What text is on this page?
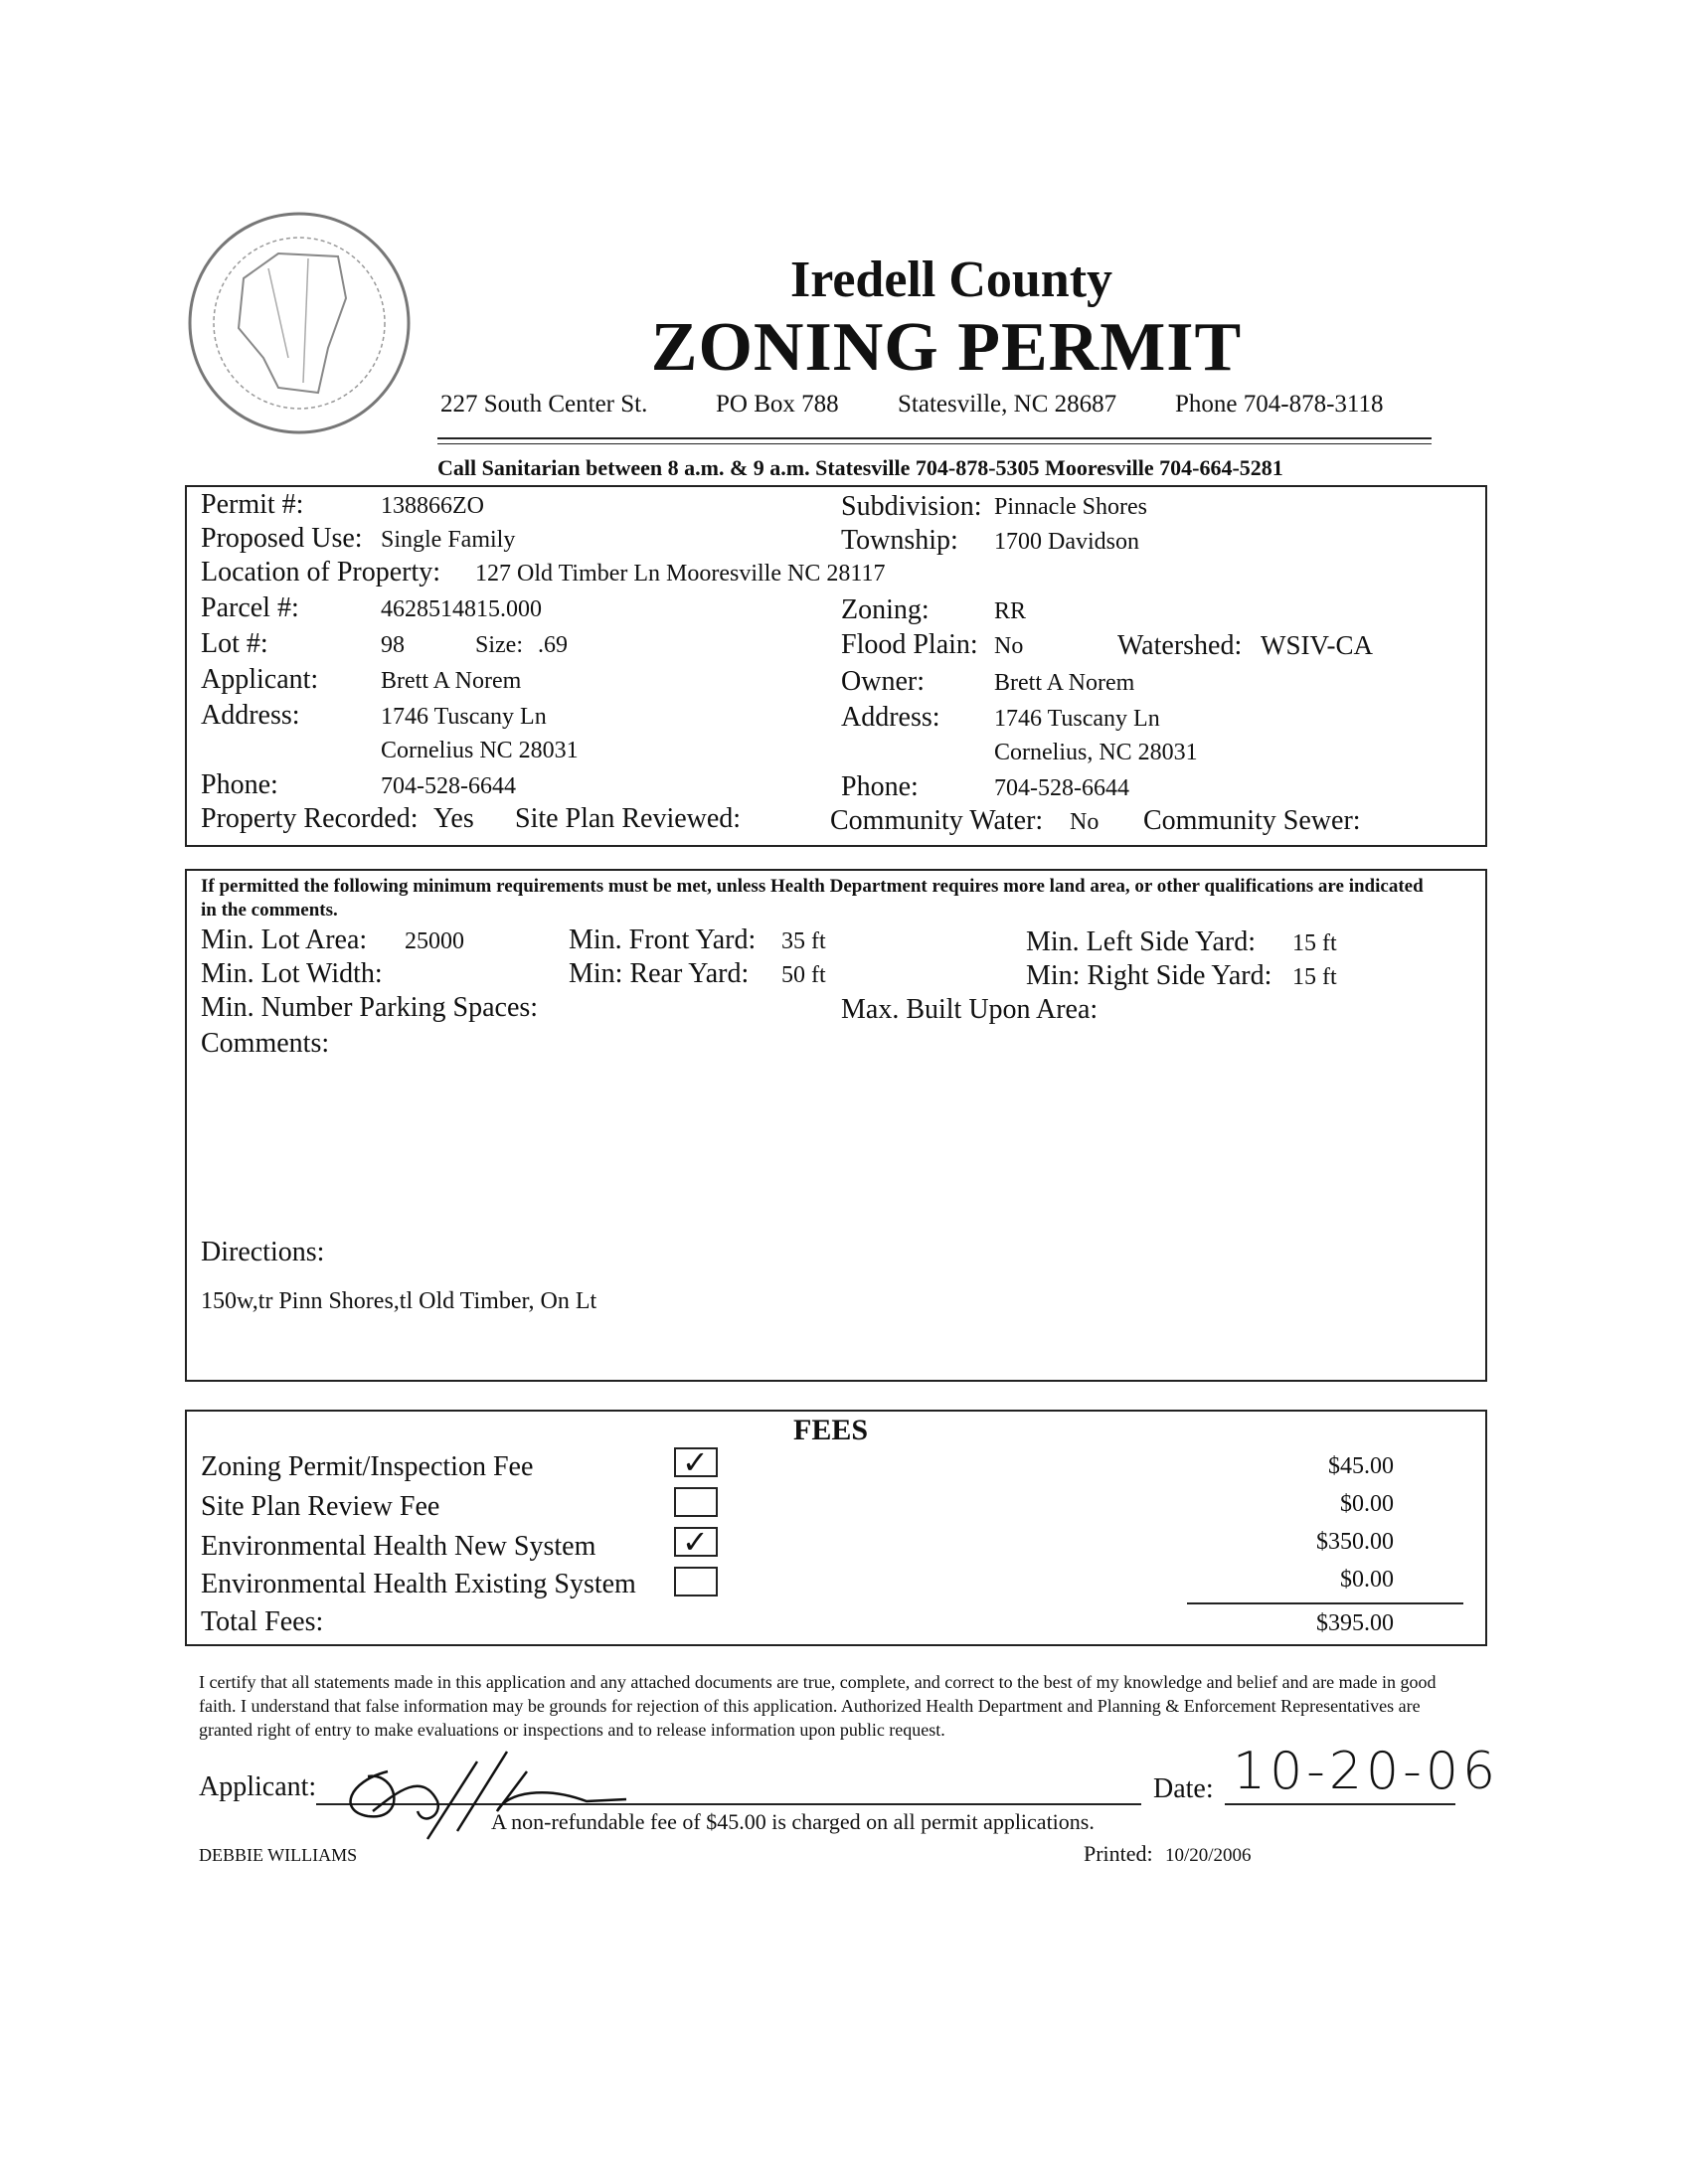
Iredell County
ZONING PERMIT
227 South Center St.	PO Box 788 Statesville, NC 28687 Phone 704-878-3118
Call Sanitarian between 8 a.m. & 9 a.m. Statesville 704-878-5305 Mooresville 704-664-5281
Permit #:	138866ZO	Subdivision: Pinnacle Shores
Proposed Use: Single Family	Township: 1700 Davidson
Location of Property: 127 Old Timber Ln Mooresville NC 28117
Parcel #:	4628514815.000	Zoning:	RR
Lot #:	98	Size: .69	Flood Plain: No	Watershed: WSIV-CA
Applicant:	Brett A Norem	Owner:	Brett A Norem
Address:	1746 Tuscany Ln	Address: 1746 Tuscany Ln
Cornelius NC 28031	Cornelius, NC 28031
Phone:	704-528-6644	Phone:	704-528-6644
Property Recorded: Yes Site Plan Reviewed:	Community Water: No Community Sewer:
If permitted the following minimum requirements must be met, unless Health Department requires more land area, or other qualifications are indicated in the comments.
Min. Lot Area: 25000	Min. Front Yard: 35 ft	Min. Left Side Yard: 15 ft
Min. Lot Width:	Min: Rear Yard: 50 ft	Min: Right Side Yard: 15 ft
Min. Number Parking Spaces:	Max. Built Upon Area:
Comments:
Directions:
150w,tr Pinn Shores,tl Old Timber, On Lt
FEES
Zoning Permit/Inspection Fee	✓	$45.00
Site Plan Review Fee	$0.00
Environmental Health New System	✓	$350.00
Environmental Health Existing System	$0.00
Total Fees:	$395.00
I certify that all statements made in this application and any attached documents are true, complete, and correct to the best of my knowledge and belief and are made in good faith. I understand that false information may be grounds for rejection of this application. Authorized Health Department and Planning & Enforcement Representatives are granted right of entry to make evaluations or inspections and to release information upon public request.
Applicant:	Date: 10-20-06
A non-refundable fee of $45.00 is charged on all permit applications.
DEBBIE WILLIAMS	Printed: 10/20/2006
